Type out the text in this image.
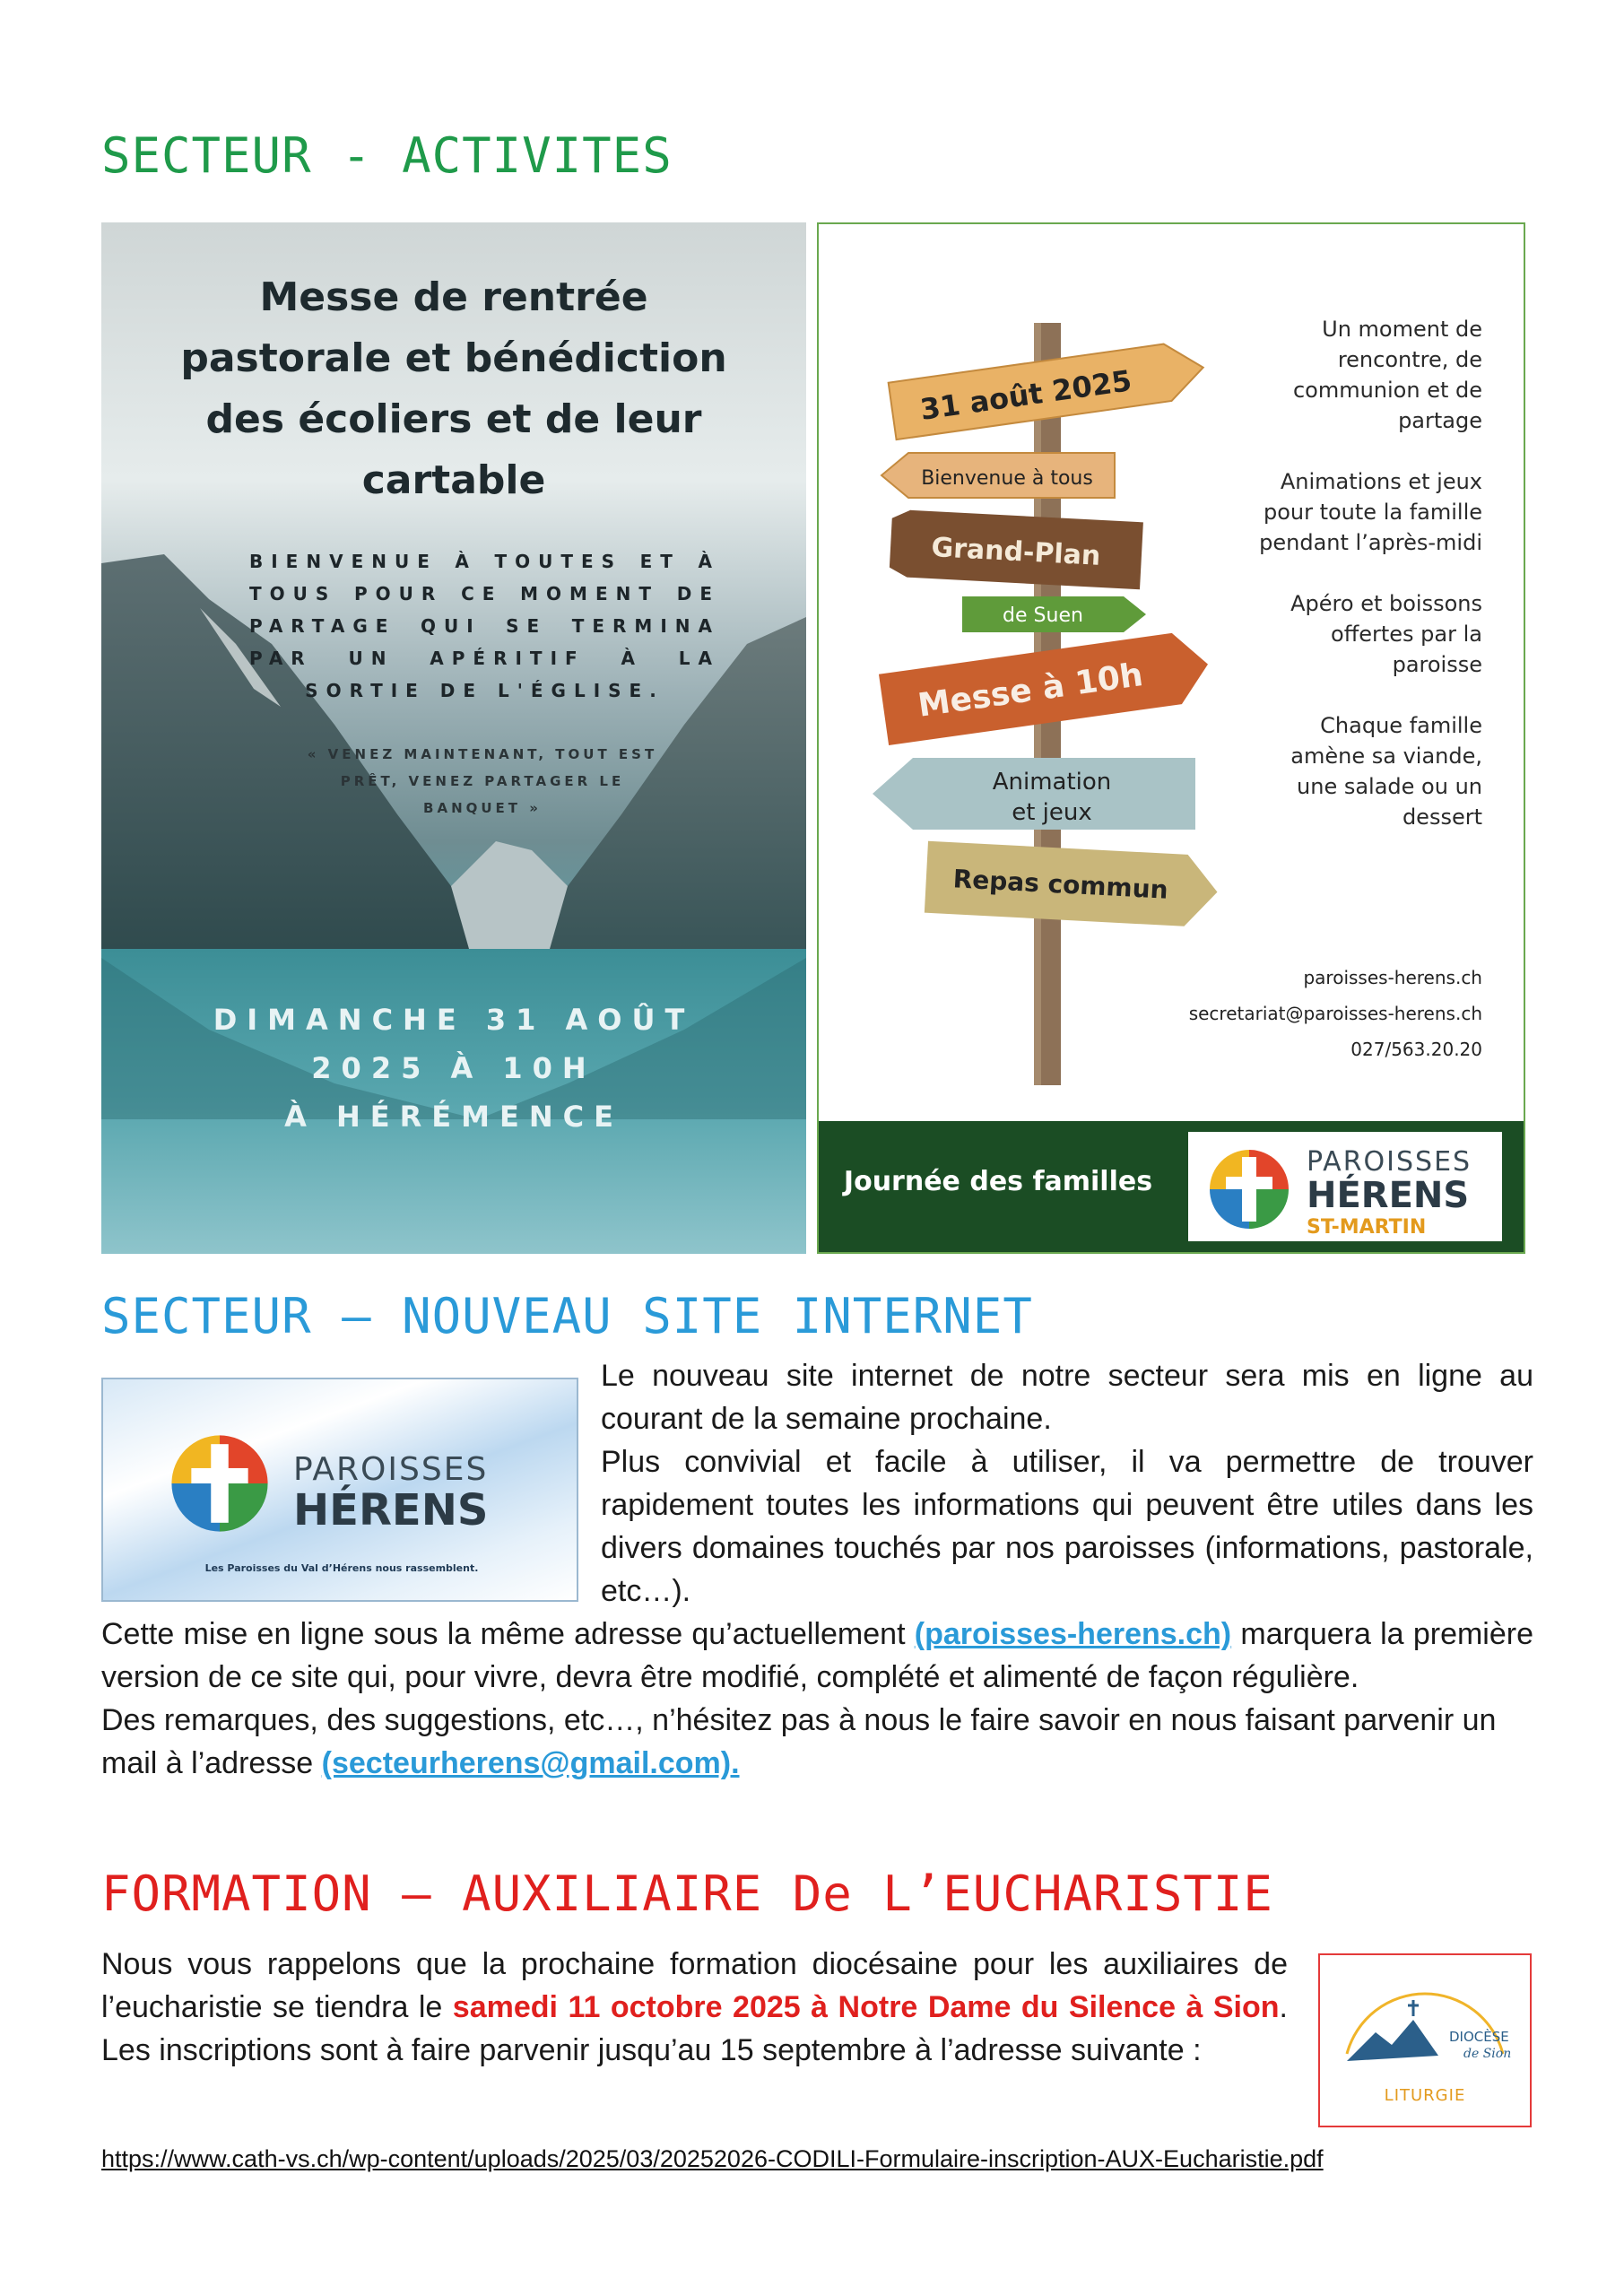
SECTEUR - ACTIVITES
Messe de rentrée pastorale et bénédiction des écoliers et de leur cartable
BIENVENUE À TOUTES ET À TOUS POUR CE MOMENT DE PARTAGE QUI SE TERMINA PAR UN APÉRITIF À LA SORTIE DE L'ÉGLISE.
« VENEZ MAINTENANT, TOUT EST PRÊT, VENEZ PARTAGER LE BANQUET »
DIMANCHE 31 AOÛT
2025 À 10H
À HÉRÉMENCE
31 août 2025
Bienvenue à tous
Grand-Plan
de Suen
Messe à 10h
Animation
et jeux
Repas commun

Un moment de rencontre, de communion et de partage

Animations et jeux pour toute la famille pendant l’après-midi

Apéro et boissons offertes par la paroisse

Chaque famille amène sa viande, une salade ou un dessert

paroisses-herens.ch
secretariat@paroisses-herens.ch
027/563.20.20
Journée des familles
PAROISSES
HÉRENS
ST-MARTIN
SECTEUR – NOUVEAU SITE INTERNET
PAROISSES
HÉRENS
Les Paroisses du Val d’Hérens nous rassemblent.
Le nouveau site internet de notre secteur sera mis en ligne au courant de la semaine prochaine.
Plus convivial et facile à utiliser, il va permettre de trouver rapidement toutes les informations qui peuvent être utiles dans les divers domaines touchés par nos paroisses (informations, pastorale, etc…).
Cette mise en ligne sous la même adresse qu’actuellement (paroisses-herens.ch) marquera la première version de ce site qui, pour vivre, devra être modifié, complété et alimenté de façon régulière.
Des remarques, des suggestions, etc…, n’hésitez pas à nous le faire savoir en nous faisant parvenir un mail à l’adresse (secteurherens@gmail.com).
FORMATION – AUXILIAIRE De L’EUCHARISTIE
Nous vous rappelons que la prochaine formation diocésaine pour les auxiliaires de l’eucharistie se tiendra le samedi 11 octobre 2025 à Notre Dame du Silence à Sion. Les inscriptions sont à faire parvenir jusqu’au 15 septembre à l’adresse suivante :	DIOCÈSE
de Sion
LITURGIE
https://www.cath-vs.ch/wp-content/uploads/2025/03/20252026-CODILI-Formulaire-inscription-AUX-Eucharistie.pdf
